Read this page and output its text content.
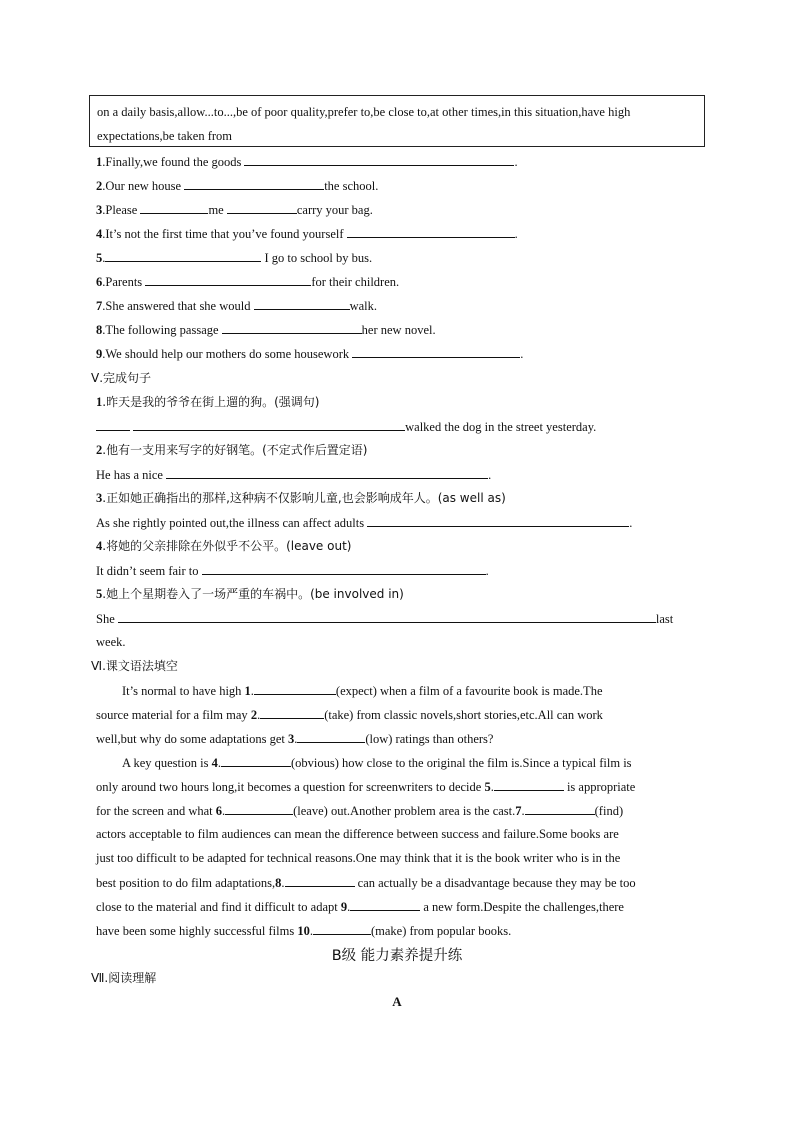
on a daily basis,allow...to...,be of poor quality,prefer to,be close to,at other times,in this situation,have high
expectations,be taken from
1.Finally,we found the goods	.
2.Our new house	the school.
3.Please	me	carry your bag.
4.It’s not the first time that you’ve found yourself	.
5.	I go to school by bus.
6.Parents	for their children.
7.She answered that she would	walk.
8.The following passage	her new novel.
9.We should help our mothers do some housework	.
Ⅴ.完成句子
1.昨天是我的爷爷在街上遛的狗。(强调句)
walked the dog in the street yesterday.
2.他有一支用来写字的好钢笔。(不定式作后置定语)
He has a nice	.
3.正如她正确指出的那样,这种病不仅影响儿童,也会影响成年人。(as well as)
As she rightly pointed out,the illness can affect adults	.
4.将她的父亲排除在外似乎不公平。(leave out)
It didn’t seem fair to	.
5.她上个星期卷入了一场严重的车祸中。(be involved in)
She	last
week.
Ⅵ.课文语法填空
It’s normal to have high 1.	(expect) when a film of a favourite book is made.The
source material for a film may 2.	(take) from classic novels,short stories,etc.All can work
well,but why do some adaptations get 3.	(low) ratings than others?
A key question is 4.	(obvious) how close to the original the film is.Since a typical film is
only around two hours long,it becomes a question for screenwriters to decide 5.	is appropriate
for the screen and what 6.	(leave) out.Another problem area is the cast.7.	(find)
actors acceptable to film audiences can mean the difference between success and failure.Some books are
just too difficult to be adapted for technical reasons.One may think that it is the book writer who is in the
best position to do film adaptations,8.	can actually be a disadvantage because they may be too
close to the material and find it difficult to adapt 9.	a new form.Despite the challenges,there
have been some highly successful films 10.	(make) from popular books.
B级 能力素养提升练
Ⅶ.阅读理解
A
